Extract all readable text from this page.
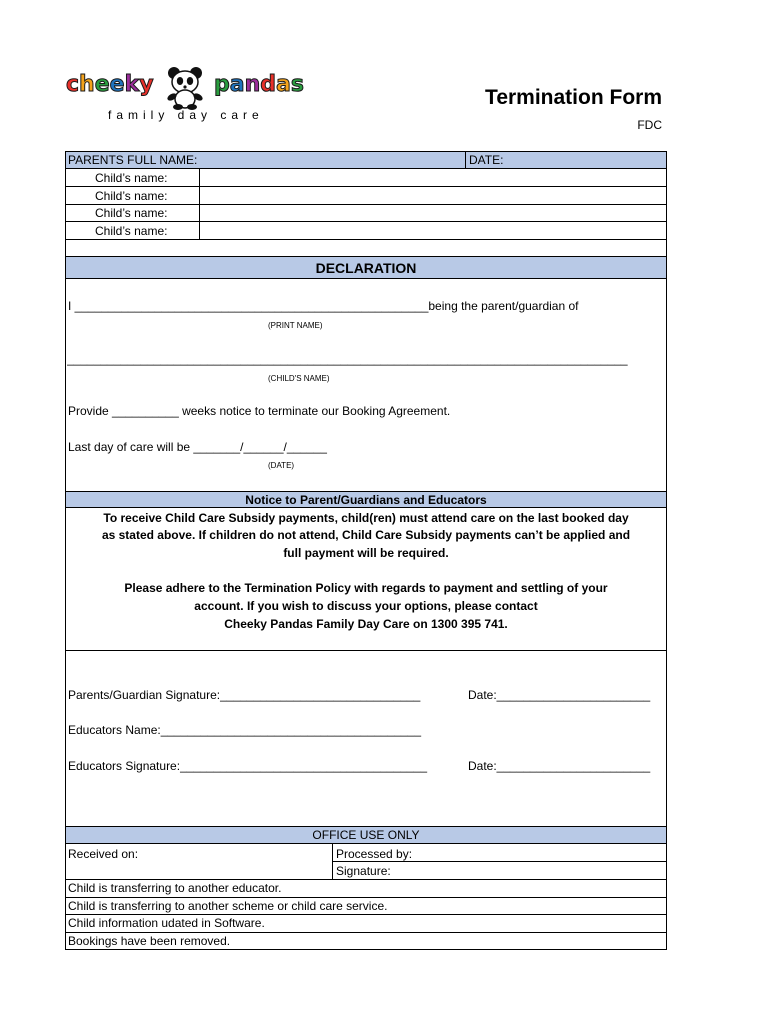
cheeky	pandas
family day care
Termination Form
FDC
PARENTS FULL NAME:	DATE:
Child’s name:
Child’s name:
Child’s name:
Child’s name:
DECLARATION
I _____________________________________________________being the parent/guardian of
(PRINT NAME)
____________________________________________________________________________________
(CHILD'S NAME)
Provide __________ weeks notice to terminate our Booking Agreement.
Last day of care will be _______/______/______
(DATE)
Notice to Parent/Guardians and Educators
To receive Child Care Subsidy payments, child(ren) must attend care on the last booked day
as stated above. If children do not attend, Child Care Subsidy payments can’t be applied and
full payment will be required.
Please adhere to the Termination Policy with regards to payment and settling of your
account. If you wish to discuss your options, please contact
Cheeky Pandas Family Day Care on 1300 395 741.
Parents/Guardian Signature:______________________________	Date:_______________________
Educators Name:_______________________________________
Educators Signature:_____________________________________	Date:_______________________
OFFICE USE ONLY
Received on:	Processed by:
Signature:
Child is transferring to another educator.
Child is transferring to another scheme or child care service.
Child information udated in Software.
Bookings have been removed.
